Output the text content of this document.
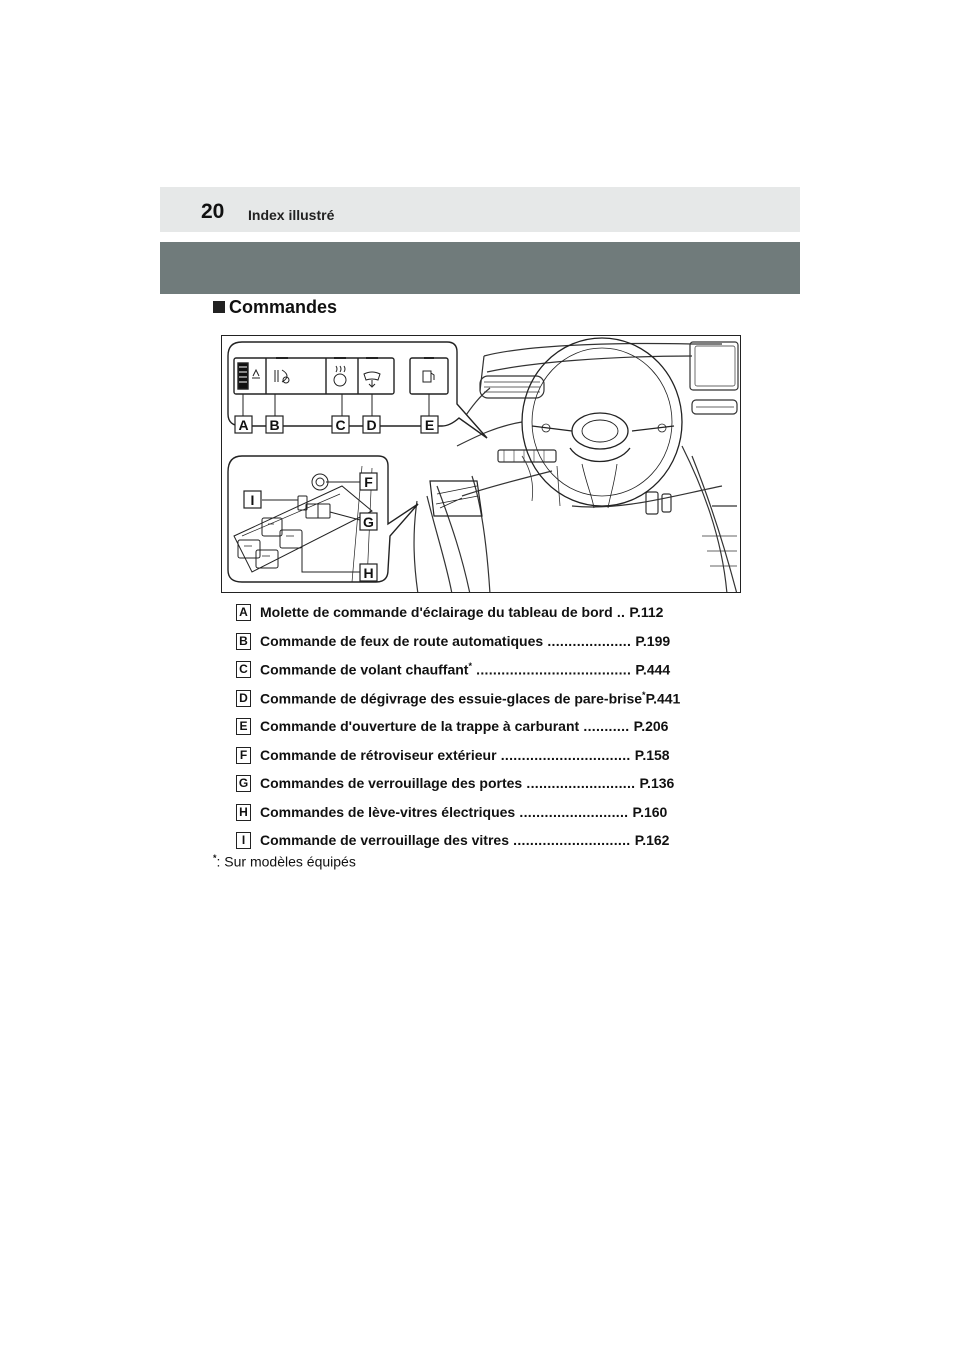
20 Index illustré
Commandes
A B	C D	E
F
G
H
I
A Molette de commande d'éclairage du tableau de bord .. P.112
B Commande de feux de route automatiques .................... P.199
C Commande de volant chauffant* ..................................... P.444
D Commande de dégivrage des essuie-glaces de pare-brise*P.441
E Commande d'ouverture de la trappe à carburant ........... P.206
F Commande de rétroviseur extérieur ............................... P.158
G Commandes de verrouillage des portes .......................... P.136
H Commandes de lève-vitres électriques .......................... P.160
I	Commande de verrouillage des vitres ............................ P.162
*: Sur modèles équipés
